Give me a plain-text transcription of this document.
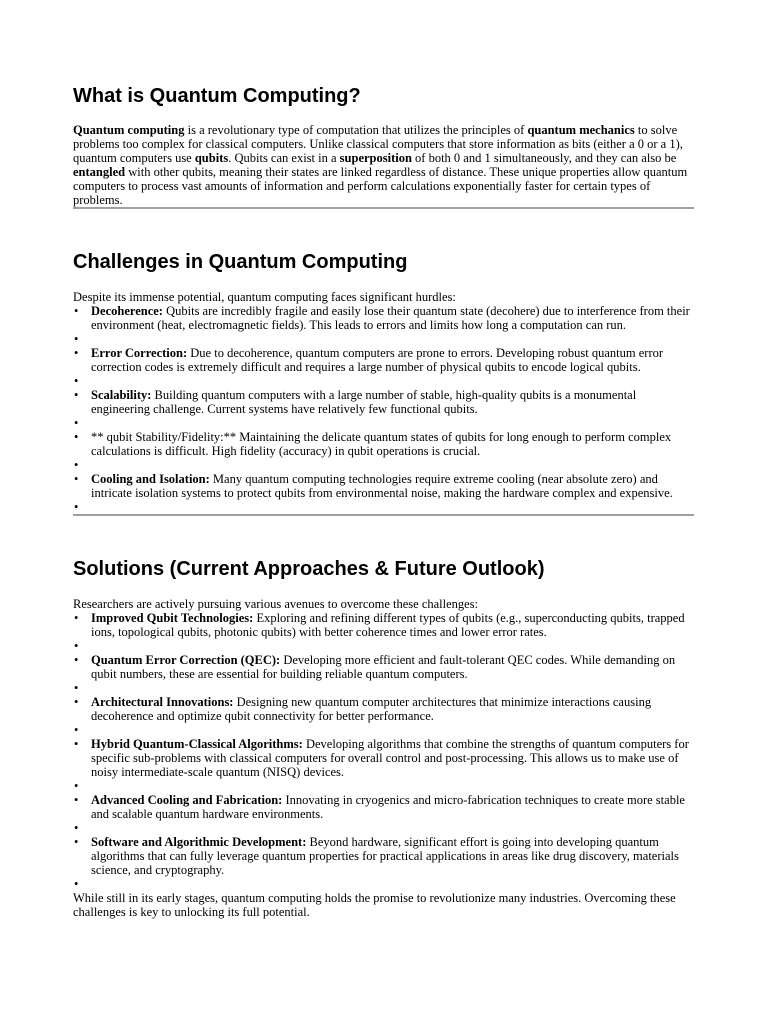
What is Quantum Computing?

Quantum computing is a revolutionary type of computation that utilizes the principles of quantum mechanics to solve problems too complex for classical computers. Unlike classical computers that store information as bits (either a 0 or a 1), quantum computers use qubits. Qubits can exist in a superposition of both 0 and 1 simultaneously, and they can also be entangled with other qubits, meaning their states are linked regardless of distance. These unique properties allow quantum computers to process vast amounts of information and perform calculations exponentially faster for certain types of problems.

Challenges in Quantum Computing

Despite its immense potential, quantum computing faces significant hurdles:

• Decoherence: Qubits are incredibly fragile and easily lose their quantum state (decohere) due to interference from their environment (heat, electromagnetic fields). This leads to errors and limits how long a computation can run.
•
• Error Correction: Due to decoherence, quantum computers are prone to errors. Developing robust quantum error correction codes is extremely difficult and requires a large number of physical qubits to encode logical qubits.
•
• Scalability: Building quantum computers with a large number of stable, high-quality qubits is a monumental engineering challenge. Current systems have relatively few functional qubits.
•
• ** qubit Stability/Fidelity:** Maintaining the delicate quantum states of qubits for long enough to perform complex calculations is difficult. High fidelity (accuracy) in qubit operations is crucial.
•
• Cooling and Isolation: Many quantum computing technologies require extreme cooling (near absolute zero) and intricate isolation systems to protect qubits from environmental noise, making the hardware complex and expensive.
•
Solutions (Current Approaches & Future Outlook)

Researchers are actively pursuing various avenues to overcome these challenges:

• Improved Qubit Technologies: Exploring and refining different types of qubits (e.g., superconducting qubits, trapped ions, topological qubits, photonic qubits) with better coherence times and lower error rates.
•
• Quantum Error Correction (QEC): Developing more efficient and fault-tolerant QEC codes. While demanding on qubit numbers, these are essential for building reliable quantum computers.
•
• Architectural Innovations: Designing new quantum computer architectures that minimize interactions causing decoherence and optimize qubit connectivity for better performance.
•
• Hybrid Quantum-Classical Algorithms: Developing algorithms that combine the strengths of quantum computers for specific sub-problems with classical computers for overall control and post-processing. This allows us to make use of noisy intermediate-scale quantum (NISQ) devices.
•
• Advanced Cooling and Fabrication: Innovating in cryogenics and micro-fabrication techniques to create more stable and scalable quantum hardware environments.
•
• Software and Algorithmic Development: Beyond hardware, significant effort is going into developing quantum algorithms that can fully leverage quantum properties for practical applications in areas like drug discovery, materials science, and cryptography.
•

While still in its early stages, quantum computing holds the promise to revolutionize many industries. Overcoming these challenges is key to unlocking its full potential.
